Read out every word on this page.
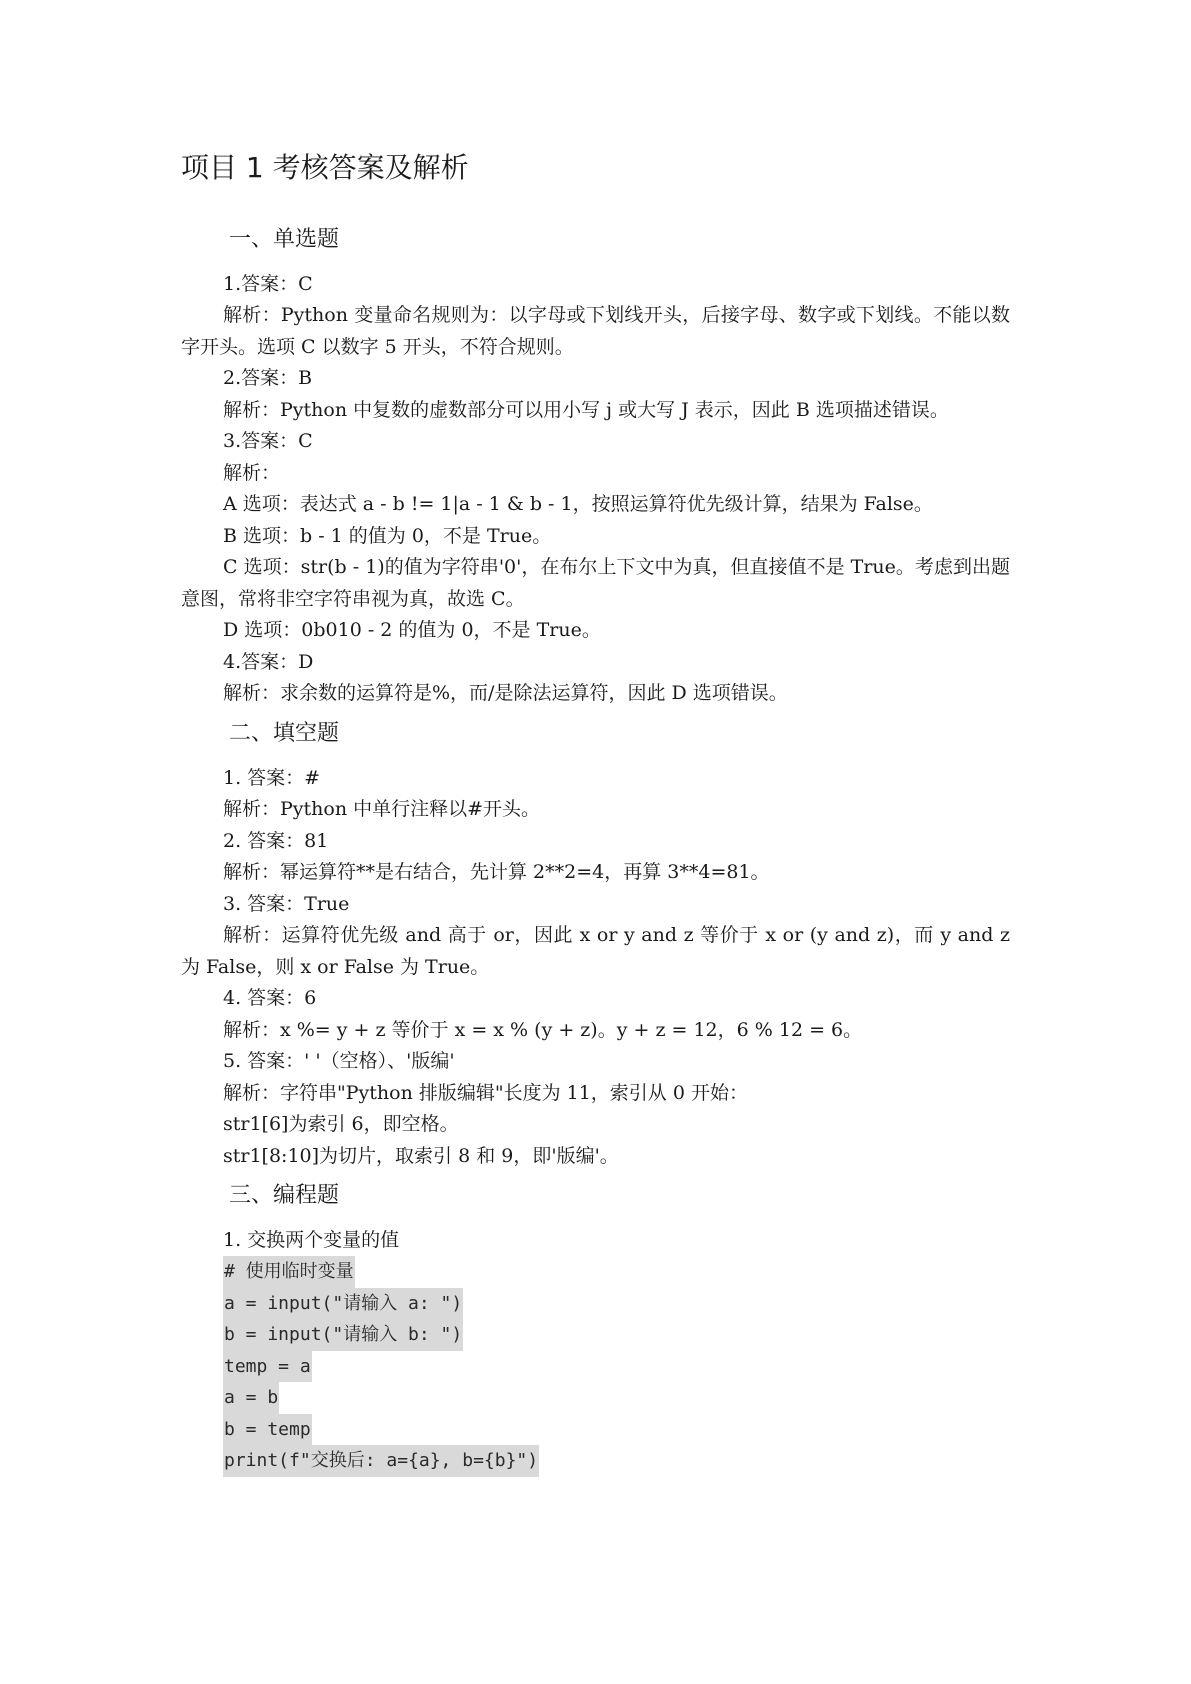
项目 1 考核答案及解析
一、单选题

1.答案：C

解析：Python 变量命名规则为：以字母或下划线开头，后接字母、数字或下划线。不能以数字开头。选项 C 以数字 5 开头，不符合规则。

2.答案：B

解析：Python 中复数的虚数部分可以用小写 j 或大写 J 表示，因此 B 选项描述错误。

3.答案：C

解析：

A 选项：表达式 a - b != 1|a - 1 & b - 1，按照运算符优先级计算，结果为 False。

B 选项：b - 1 的值为 0，不是 True。

C 选项：str(b - 1)的值为字符串'0'，在布尔上下文中为真，但直接值不是 True。考虑到出题意图，常将非空字符串视为真，故选 C。

D 选项：0b010 - 2 的值为 0，不是 True。

4.答案：D

解析：求余数的运算符是%，而/是除法运算符，因此 D 选项错误。

二、填空题

1. 答案：#

解析：Python 中单行注释以#开头。

2. 答案：81

解析：幂运算符**是右结合，先计算 2**2=4，再算 3**4=81。

3. 答案：True

解析：运算符优先级 and 高于 or，因此 x or y and z 等价于 x or (y and z)，而 y and z 为 False，则 x or False 为 True。

4. 答案：6

解析：x %= y + z 等价于 x = x % (y + z)。y + z = 12，6 % 12 = 6。

5. 答案：' '（空格）、'版编'

解析：字符串"Python 排版编辑"长度为 11，索引从 0 开始：

str1[6]为索引 6，即空格。

str1[8:10]为切片，取索引 8 和 9，即'版编'。

三、编程题

1. 交换两个变量的值

# 使用临时变量
a = input("请输入 a: ")
b = input("请输入 b: ")
temp = a
a = b
b = temp
print(f"交换后: a={a}, b={b}")
